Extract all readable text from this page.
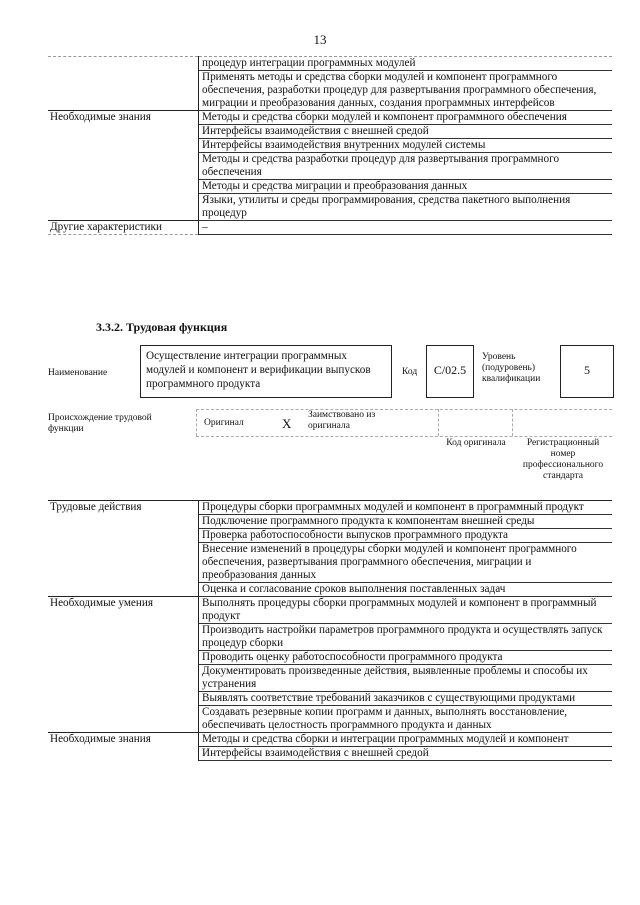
13
	процедур интеграции программных модулей
	Применять методы и средства сборки модулей и компонент программного обеспечения, разработки процедур для развертывания программного обеспечения, миграции и преобразования данных, создания программных интерфейсов
Необходимые знания	Методы и средства сборки модулей и компонент программного обеспечения
	Интерфейсы взаимодействия с внешней средой
	Интерфейсы взаимодействия внутренних модулей системы
	Методы и средства разработки процедур для развертывания программного обеспечения
	Методы и средства миграции и преобразования данных
	Языки, утилиты и среды программирования, средства пакетного выполнения процедур
Другие характеристики	–
3.3.2. Трудовая функция
Наименование
Осуществление интеграции программных модулей и компонент и верификации выпусков программного продукта
Код	C/02.5
Уровень (подуровень) квалификации
5
Происхождение трудовой функции
Оригинал	X
Заимствовано из оригинала
Код оригинала	Регистрационный номер профессионального стандарта
Трудовые действия	Процедуры сборки программных модулей и компонент в программный продукт
	Подключение программного продукта к компонентам внешней среды
	Проверка работоспособности выпусков программного продукта
	Внесение изменений в процедуры сборки модулей и компонент программного обеспечения, развертывания программного обеспечения, миграции и преобразования данных
	Оценка и согласование сроков выполнения поставленных задач
Необходимые умения	Выполнять процедуры сборки программных модулей и компонент в программный продукт
	Производить настройки параметров программного продукта и осуществлять запуск процедур сборки
	Проводить оценку работоспособности программного продукта
	Документировать произведенные действия, выявленные проблемы и способы их устранения
	Выявлять соответствие требований заказчиков с существующими продуктами
	Создавать резервные копии программ и данных, выполнять восстановление, обеспечивать целостность программного продукта и данных
Необходимые знания	Методы и средства сборки и интеграции программных модулей и компонент
	Интерфейсы взаимодействия с внешней средой
